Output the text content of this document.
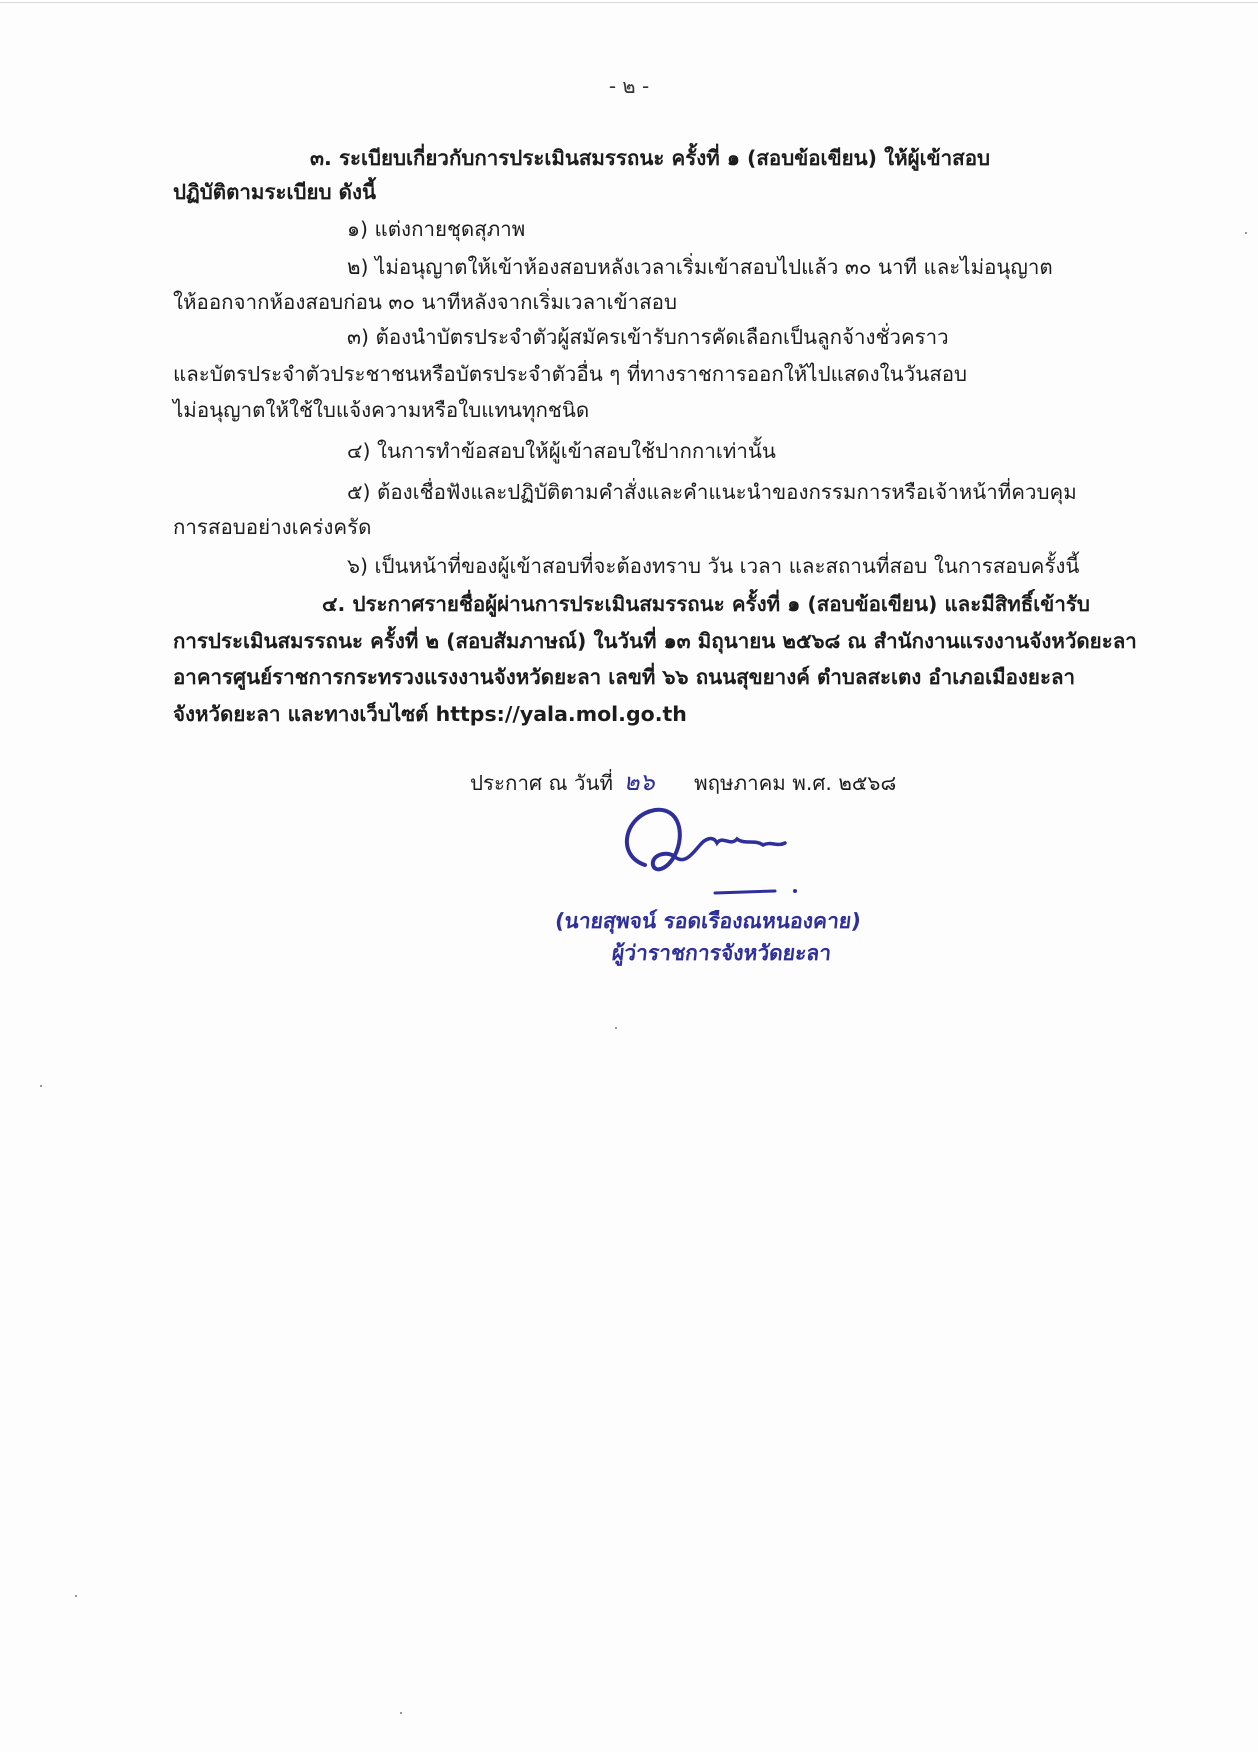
- ๒ -
๓. ระเบียบเกี่ยวกับการประเมินสมรรถนะ ครั้งที่ ๑ (สอบข้อเขียน) ให้ผู้เข้าสอบ
ปฏิบัติตามระเบียบ ดังนี้
๑) แต่งกายชุดสุภาพ
๒) ไม่อนุญาตให้เข้าห้องสอบหลังเวลาเริ่มเข้าสอบไปแล้ว ๓๐ นาที และไม่อนุญาต
ให้ออกจากห้องสอบก่อน ๓๐ นาทีหลังจากเริ่มเวลาเข้าสอบ
๓) ต้องนำบัตรประจำตัวผู้สมัครเข้ารับการคัดเลือกเป็นลูกจ้างชั่วคราว
และบัตรประจำตัวประชาชนหรือบัตรประจำตัวอื่น ๆ ที่ทางราชการออกให้ไปแสดงในวันสอบ
ไม่อนุญาตให้ใช้ใบแจ้งความหรือใบแทนทุกชนิด
๔) ในการทำข้อสอบให้ผู้เข้าสอบใช้ปากกาเท่านั้น
๕) ต้องเชื่อฟังและปฏิบัติตามคำสั่งและคำแนะนำของกรรมการหรือเจ้าหน้าที่ควบคุม
การสอบอย่างเคร่งครัด
๖) เป็นหน้าที่ของผู้เข้าสอบที่จะต้องทราบ วัน เวลา และสถานที่สอบ ในการสอบครั้งนี้
๔. ประกาศรายชื่อผู้ผ่านการประเมินสมรรถนะ ครั้งที่ ๑ (สอบข้อเขียน) และมีสิทธิ์เข้ารับ
การประเมินสมรรถนะ ครั้งที่ ๒ (สอบสัมภาษณ์) ในวันที่ ๑๓ มิถุนายน ๒๕๖๘ ณ สำนักงานแรงงานจังหวัดยะลา
อาคารศูนย์ราชการกระทรวงแรงงานจังหวัดยะลา เลขที่ ๖๖ ถนนสุขยางค์ ตำบลสะเตง อำเภอเมืองยะลา
จังหวัดยะลา และทางเว็บไซต์ https://yala.mol.go.th
ประกาศ ณ วันที่ ๒๖ พฤษภาคม พ.ศ. ๒๕๖๘
(นายสุพจน์ รอดเรืองณหนองคาย)
ผู้ว่าราชการจังหวัดยะลา
